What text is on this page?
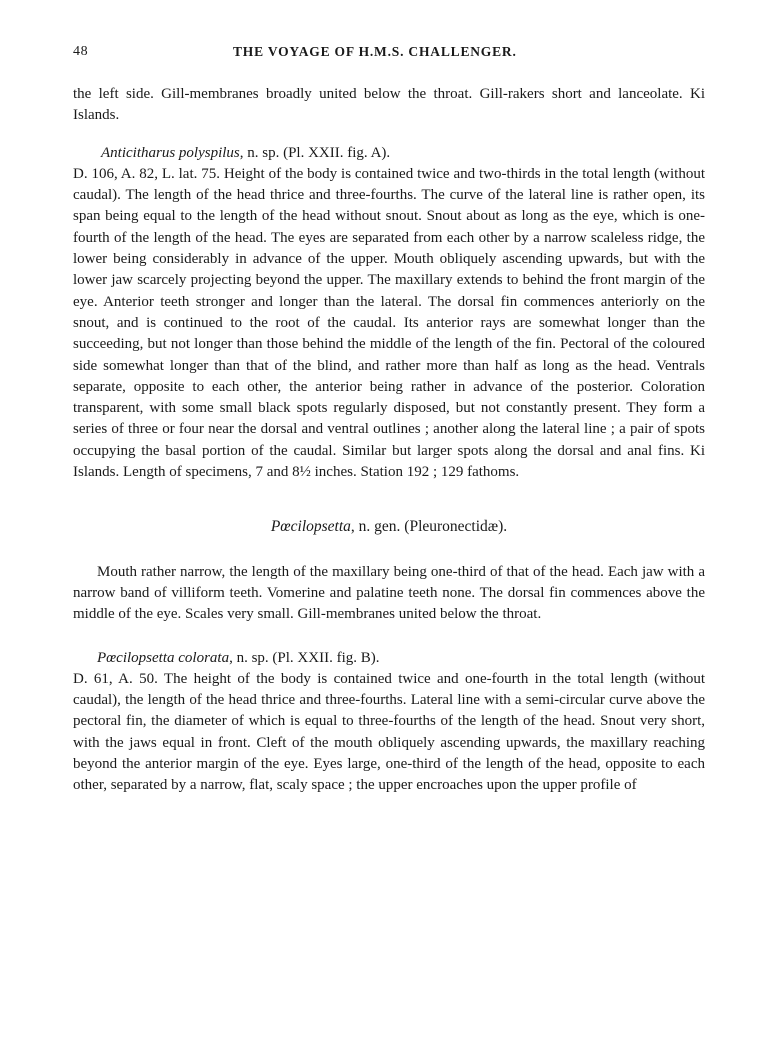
48	THE VOYAGE OF H.M.S. CHALLENGER.

the left side. Gill-membranes broadly united below the throat. Gill-rakers short and lanceolate. Ki Islands.

Anticitharus polyspilus, n. sp. (Pl. XXII. fig. A).

D. 106, A. 82, L. lat. 75. Height of the body is contained twice and two-thirds in the total length (without caudal). The length of the head thrice and three-fourths. The curve of the lateral line is rather open, its span being equal to the length of the head without snout. Snout about as long as the eye, which is one-fourth of the length of the head. The eyes are separated from each other by a narrow scaleless ridge, the lower being considerably in advance of the upper. Mouth obliquely ascending upwards, but with the lower jaw scarcely projecting beyond the upper. The maxillary extends to behind the front margin of the eye. Anterior teeth stronger and longer than the lateral. The dorsal fin commences anteriorly on the snout, and is continued to the root of the caudal. Its anterior rays are somewhat longer than the succeeding, but not longer than those behind the middle of the length of the fin. Pectoral of the coloured side somewhat longer than that of the blind, and rather more than half as long as the head. Ventrals separate, opposite to each other, the anterior being rather in advance of the posterior. Coloration transparent, with some small black spots regularly disposed, but not constantly present. They form a series of three or four near the dorsal and ventral outlines ; another along the lateral line ; a pair of spots occupying the basal portion of the caudal. Similar but larger spots along the dorsal and anal fins. Ki Islands. Length of specimens, 7 and 8½ inches. Station 192 ; 129 fathoms.

Pœcilopsetta, n. gen. (Pleuronectidæ).

Mouth rather narrow, the length of the maxillary being one-third of that of the head. Each jaw with a narrow band of villiform teeth. Vomerine and palatine teeth none. The dorsal fin commences above the middle of the eye. Scales very small. Gill-membranes united below the throat.

Pœcilopsetta colorata, n. sp. (Pl. XXII. fig. B).

D. 61, A. 50. The height of the body is contained twice and one-fourth in the total length (without caudal), the length of the head thrice and three-fourths. Lateral line with a semi-circular curve above the pectoral fin, the diameter of which is equal to three-fourths of the length of the head. Snout very short, with the jaws equal in front. Cleft of the mouth obliquely ascending upwards, the maxillary reaching beyond the anterior margin of the eye. Eyes large, one-third of the length of the head, opposite to each other, separated by a narrow, flat, scaly space ; the upper encroaches upon the upper profile of
